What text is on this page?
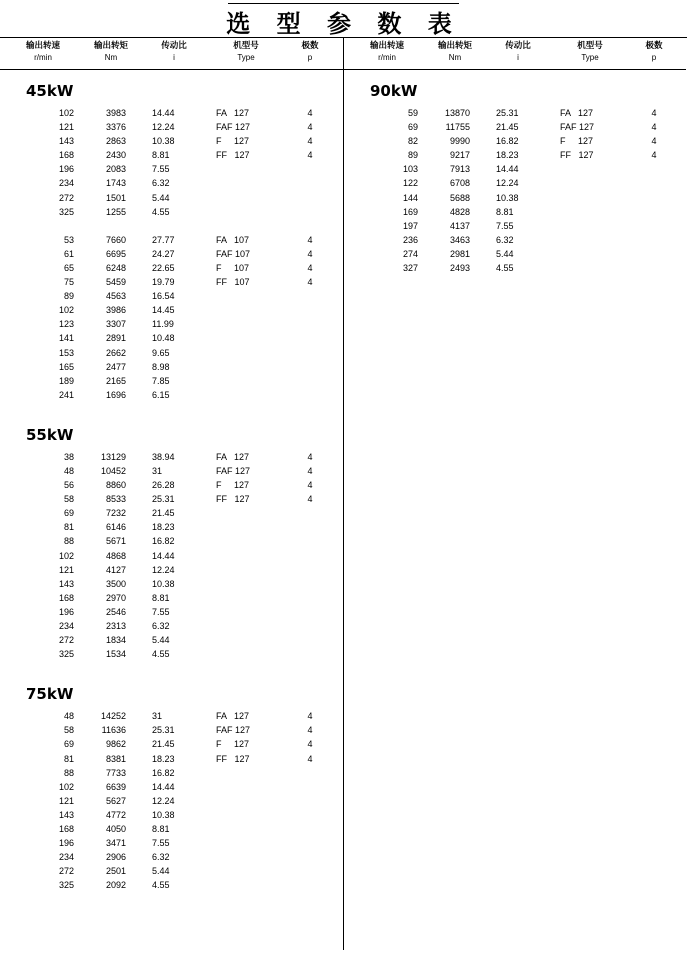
选 型 参 数 表
输出转速
r/min
输出转矩
Nm
传动比
i
机型号
Type
极数
p
45kW
102	3983	14.44	FA   127	4
121	3376	12.24	FAF 127	4
143	2863	10.38	F     127	4
168	2430	8.81	FF   127	4
196	2083	7.55
234	1743	6.32
272	1501	5.44
325	1255	4.55
53	7660	27.77	FA   107	4
61	6695	24.27	FAF 107	4
65	6248	22.65	F     107	4
75	5459	19.79	FF   107	4
89	4563	16.54
102	3986	14.45
123	3307	11.99
141	2891	10.48
153	2662	9.65
165	2477	8.98
189	2165	7.85
241	1696	6.15
55kW
38	13129	38.94	FA   127	4
48	10452	31	FAF 127	4
56	8860	26.28	F     127	4
58	8533	25.31	FF   127	4
69	7232	21.45
81	6146	18.23
88	5671	16.82
102	4868	14.44
121	4127	12.24
143	3500	10.38
168	2970	8.81
196	2546	7.55
234	2313	6.32
272	1834	5.44
325	1534	4.55
75kW
48	14252	31	FA   127	4
58	11636	25.31	FAF 127	4
69	9862	21.45	F     127	4
81	8381	18.23	FF   127	4
88	7733	16.82
102	6639	14.44
121	5627	12.24
143	4772	10.38
168	4050	8.81
196	3471	7.55
234	2906	6.32
272	2501	5.44
325	2092	4.55
输出转速
r/min
输出转矩
Nm
传动比
i
机型号
Type
极数
p
90kW
59	13870	25.31	FA   127	4
69	11755	21.45	FAF 127	4
82	9990	16.82	F     127	4
89	9217	18.23	FF   127	4
103	7913	14.44
122	6708	12.24
144	5688	10.38
169	4828	8.81
197	4137	7.55
236	3463	6.32
274	2981	5.44
327	2493	4.55
